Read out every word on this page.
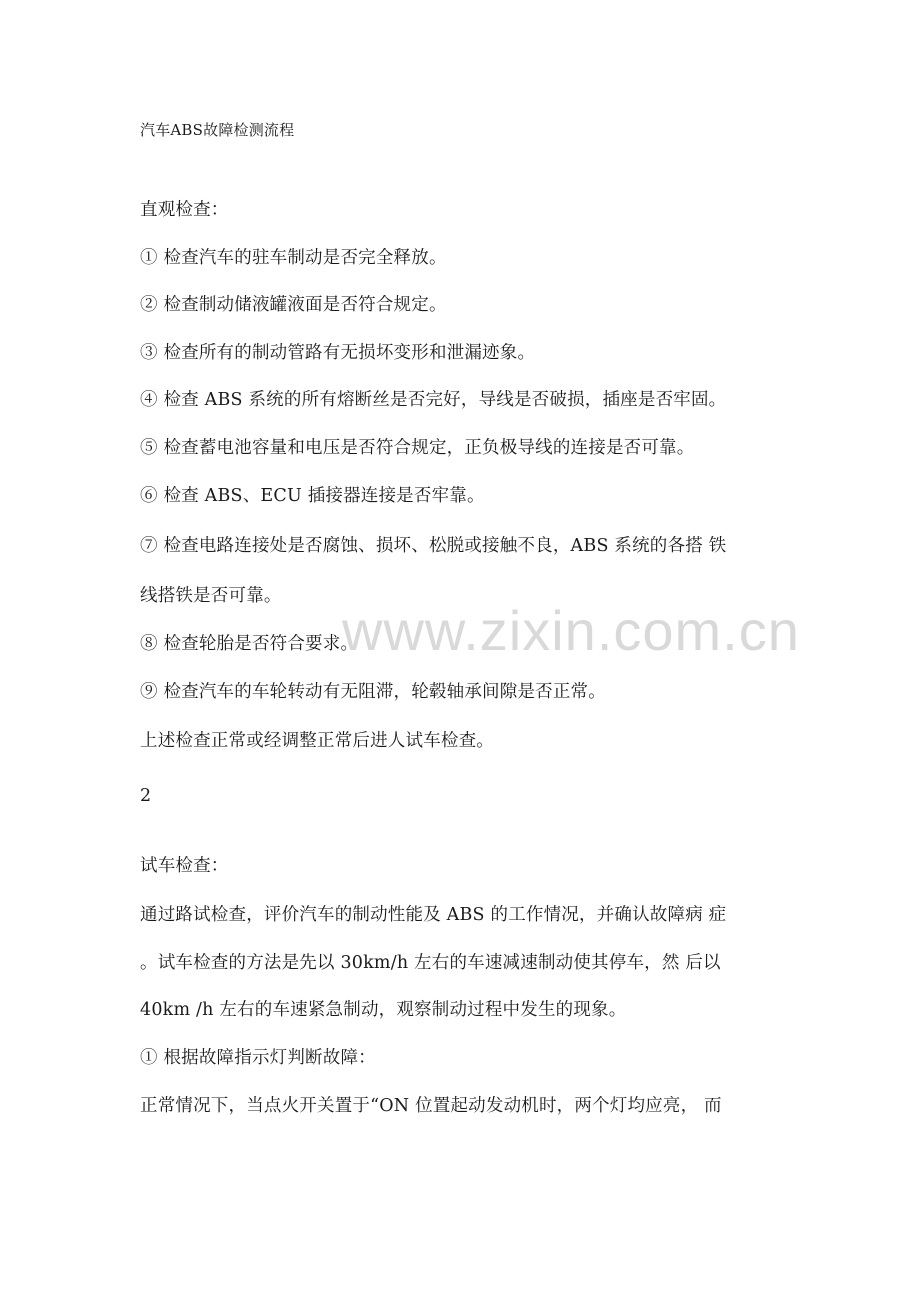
汽车ABS故障检测流程
直观检查：
① 检查汽车的驻车制动是否完全释放。
② 检查制动储液罐液面是否符合规定。
③ 检查所有的制动管路有无损坏变形和泄漏迹象。
④ 检查 ABS 系统的所有熔断丝是否完好，导线是否破损，插座是否牢固。
⑤ 检查蓄电池容量和电压是否符合规定，正负极导线的连接是否可靠。
⑥ 检查 ABS、ECU 插接器连接是否牢靠。
⑦ 检查电路连接处是否腐蚀、损坏、松脱或接触不良，ABS 系统的各搭 铁
线搭铁是否可靠。
⑧ 检查轮胎是否符合要求。
⑨ 检查汽车的车轮转动有无阻滞，轮毂轴承间隙是否正常。
上述检查正常或经调整正常后进人试车检查。
2
试车检查：
通过路试检查，评价汽车的制动性能及 ABS 的工作情况，并确认故障病 症
。试车检查的方法是先以 30km/h 左右的车速减速制动使其停车，然 后以
40km /h 左右的车速紧急制动，观察制动过程中发生的现象。
① 根据故障指示灯判断故障：
正常情况下，当点火开关置于“ON 位置起动发动机时，两个灯均应亮， 而
www.zixin.com.cn
